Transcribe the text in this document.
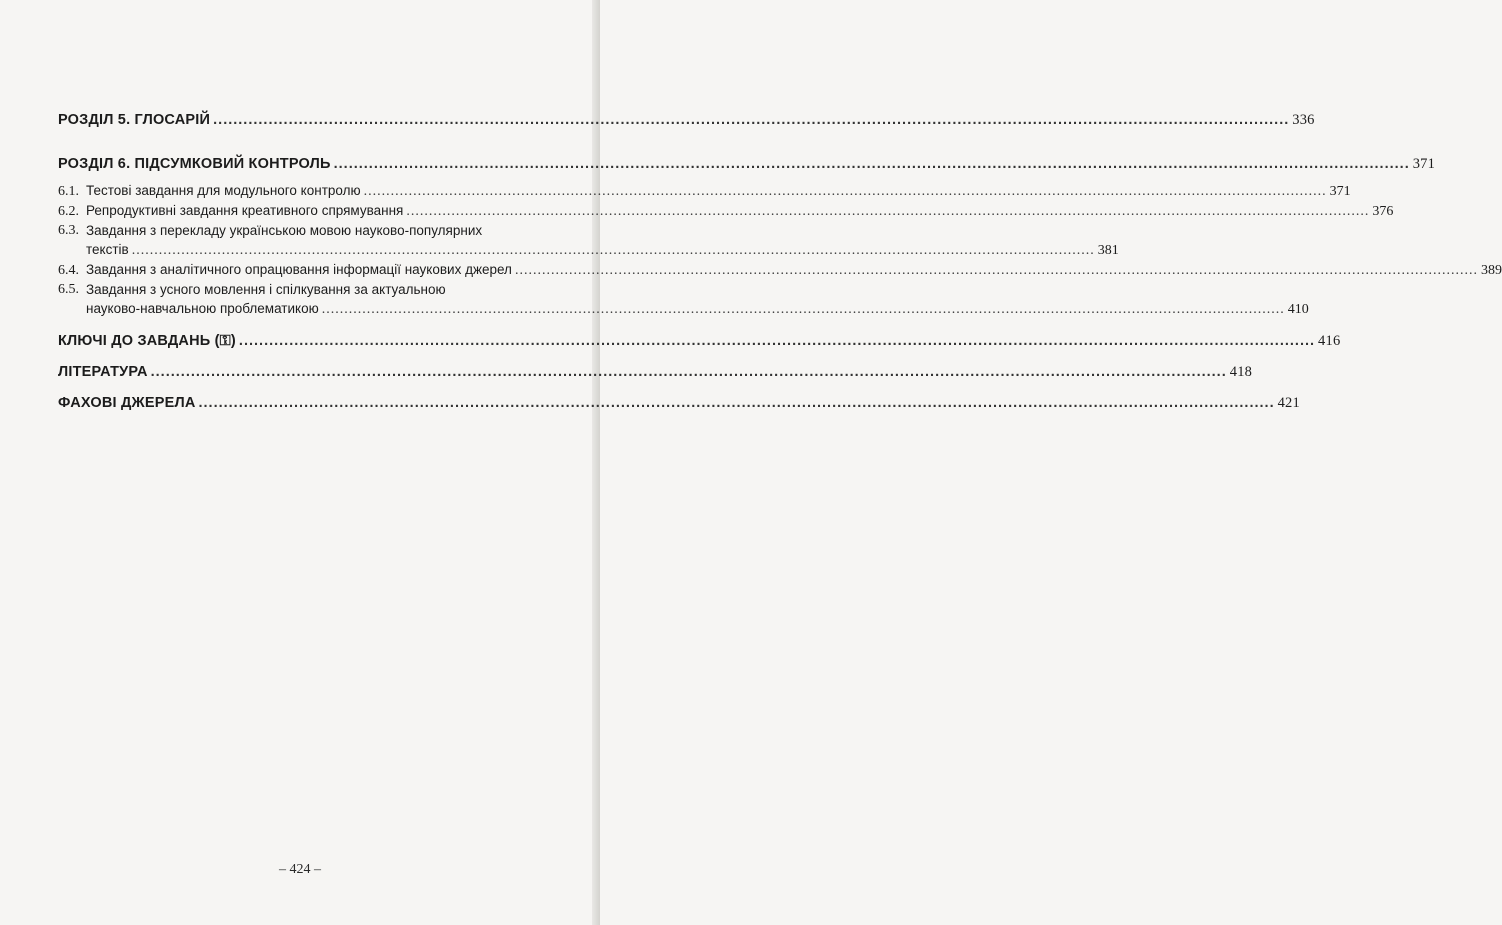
РОЗДІЛ 5. ГЛОСАРІЙ .....	336
РОЗДІЛ 6. ПІДСУМКОВИЙ КОНТРОЛЬ .....	371
6.1. Тестові завдання для модульного контролю .....	371
6.2. Репродуктивні завдання креативного спрямування .....	376
6.3. Завдання з перекладу українською мовою науково-популярних
текстів .....	381
6.4. Завдання з аналітичного опрацювання інформації наукових джерел .....	389
6.5. Завдання з усного мовлення і спілкування за актуальною
науково-навчальною проблематикою .....	410
КЛЮЧІ ДО ЗАВДАНЬ (⚿) .....	416
ЛІТЕРАТУРА .....	418
ФАХОВІ ДЖЕРЕЛА .....	421
– 424 –
